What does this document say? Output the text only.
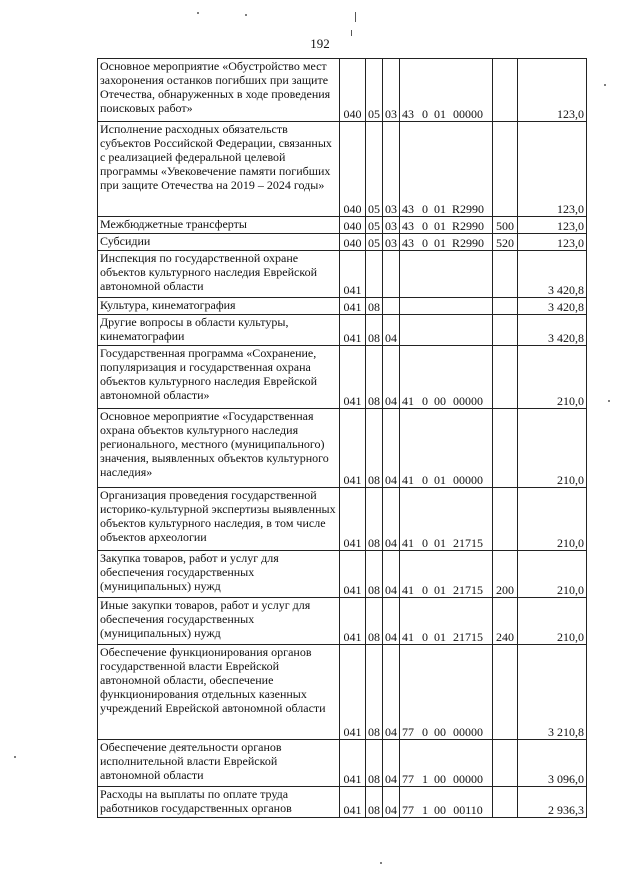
192
Основное мероприятие «Обустройство мест захоронения останков погибших при защите Отечества, обнаруженных в ходе проведения поисковых работ»	040	05	03	43 0 01 00000		123,0
Исполнение расходных обязательств субъектов Российской Федерации, связанных с реализацией федеральной целевой программы «Увековечение памяти погибших при защите Отечества на 2019 – 2024 годы»	040	05	03	43 0 01 R2990		123,0
Межбюджетные трансферты	040	05	03	43 0 01 R2990	500	123,0
Субсидии	040	05	03	43 0 01 R2990	520	123,0
Инспекция по государственной охране объектов культурного наследия Еврейской автономной области	041					3 420,8
Культура, кинематография	041	08				3 420,8
Другие вопросы в области культуры, кинематографии	041	08	04			3 420,8
Государственная программа «Сохранение, популяризация и государственная охрана объектов культурного наследия Еврейской автономной области»	041	08	04	41 0 00 00000		210,0
Основное мероприятие «Государственная охрана объектов культурного наследия регионального, местного (муниципального) значения, выявленных объектов культурного наследия»	041	08	04	41 0 01 00000		210,0
Организация проведения государственной историко-культурной экспертизы выявленных объектов культурного наследия, в том числе объектов археологии	041	08	04	41 0 01 21715		210,0
Закупка товаров, работ и услуг для обеспечения государственных (муниципальных) нужд	041	08	04	41 0 01 21715	200	210,0
Иные закупки товаров, работ и услуг для обеспечения государственных (муниципальных) нужд	041	08	04	41 0 01 21715	240	210,0
Обеспечение функционирования органов государственной власти Еврейской автономной области, обеспечение функционирования отдельных казенных учреждений Еврейской автономной области	041	08	04	77 0 00 00000		3 210,8
Обеспечение деятельности органов исполнительной власти Еврейской автономной области	041	08	04	77 1 00 00000		3 096,0
Расходы на выплаты по оплате труда работников государственных органов	041	08	04	77 1 00 00110		2 936,3
